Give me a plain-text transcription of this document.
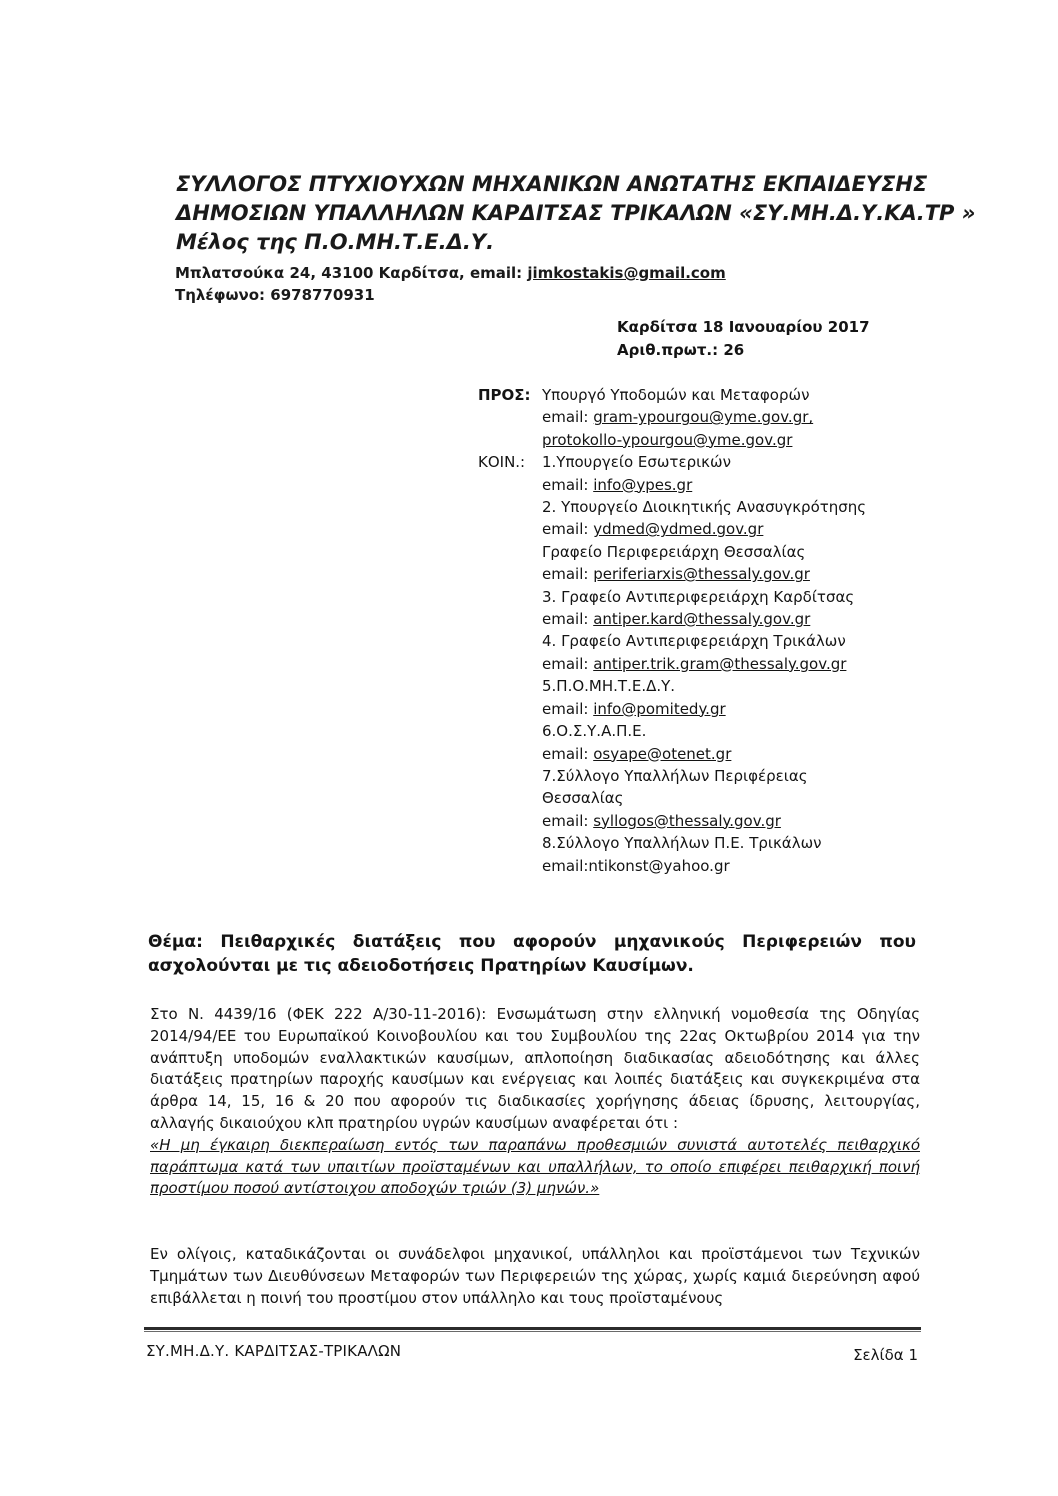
ΣΥΛΛΟΓΟΣ ΠΤΥΧΙΟΥΧΩΝ ΜΗΧΑΝΙΚΩΝ ΑΝΩΤΑΤΗΣ ΕΚΠΑΙΔΕΥΣΗΣ
ΔΗΜΟΣΙΩΝ ΥΠΑΛΛΗΛΩΝ ΚΑΡΔΙΤΣΑΣ ΤΡΙΚΑΛΩΝ «ΣΥ.ΜΗ.Δ.Υ.ΚΑ.ΤΡ »
Μέλος της Π.Ο.ΜΗ.Τ.Ε.Δ.Υ.
Μπλατσούκα 24, 43100 Καρδίτσα, email: jimkostakis@gmail.com
Τηλέφωνο: 6978770931
Καρδίτσα 18 Ιανουαρίου 2017
Αριθ.πρωτ.: 26
ΠΡΟΣ: Υπουργό Υποδομών και Μεταφορών
email: gram-ypourgou@yme.gov.gr,
protokollo-ypourgou@yme.gov.gr
ΚΟΙΝ.:	1.Υπουργείο Εσωτερικών
email: info@ypes.gr
2. Υπουργείο Διοικητικής Ανασυγκρότησης
email: ydmed@ydmed.gov.gr
Γραφείο Περιφερειάρχη Θεσσαλίας
email: periferiarxis@thessaly.gov.gr
3. Γραφείο Αντιπεριφερειάρχη Καρδίτσας
email: antiper.kard@thessaly.gov.gr
4. Γραφείο Αντιπεριφερειάρχη Τρικάλων
email: antiper.trik.gram@thessaly.gov.gr
5.Π.Ο.ΜΗ.Τ.Ε.Δ.Υ.
email: info@pomitedy.gr
6.Ο.Σ.Υ.Α.Π.Ε.
email: osyape@otenet.gr
7.Σύλλογο Υπαλλήλων Περιφέρειας
Θεσσαλίας
email: syllogos@thessaly.gov.gr
8.Σύλλογο Υπαλλήλων Π.Ε. Τρικάλων
email:ntikonst@yahoo.gr
Θέμα: Πειθαρχικές διατάξεις που αφορούν μηχανικούς Περιφερειών που
ασχολούνται με τις αδειοδοτήσεις Πρατηρίων Καυσίμων.
Στο Ν. 4439/16 (ΦΕΚ 222 Α/30-11-2016): Ενσωμάτωση στην ελληνική νομοθεσία της Οδηγίας 2014/94/ΕΕ του Ευρωπαϊκού Κοινοβουλίου και του Συμβουλίου της 22ας Οκτωβρίου 2014 για την ανάπτυξη υποδομών εναλλακτικών καυσίμων, απλοποίηση διαδικασίας αδειοδότησης και άλλες διατάξεις πρατηρίων παροχής καυσίμων και ενέργειας και λοιπές διατάξεις και συγκεκριμένα στα άρθρα 14, 15, 16 & 20 που αφορούν τις διαδικασίες χορήγησης άδειας ίδρυσης, λειτουργίας, αλλαγής δικαιούχου κλπ πρατηρίου υγρών καυσίμων αναφέρεται ότι :
«Η μη έγκαιρη διεκπεραίωση εντός των παραπάνω προθεσμιών συνιστά αυτοτελές πειθαρχικό παράπτωμα κατά των υπαιτίων προϊσταμένων και υπαλλήλων, το οποίο επιφέρει πειθαρχική ποινή προστίμου ποσού αντίστοιχου αποδοχών τριών (3) μηνών.»
Εν ολίγοις, καταδικάζονται οι συνάδελφοι μηχανικοί, υπάλληλοι και προϊστάμενοι των Τεχνικών Τμημάτων των Διευθύνσεων Μεταφορών των Περιφερειών της χώρας, χωρίς καμιά διερεύνηση αφού επιβάλλεται η ποινή του προστίμου στον υπάλληλο και τους προϊσταμένους
ΣΥ.ΜΗ.Δ.Υ. ΚΑΡΔΙΤΣΑΣ-ΤΡΙΚΑΛΩΝ	Σελίδα 1
